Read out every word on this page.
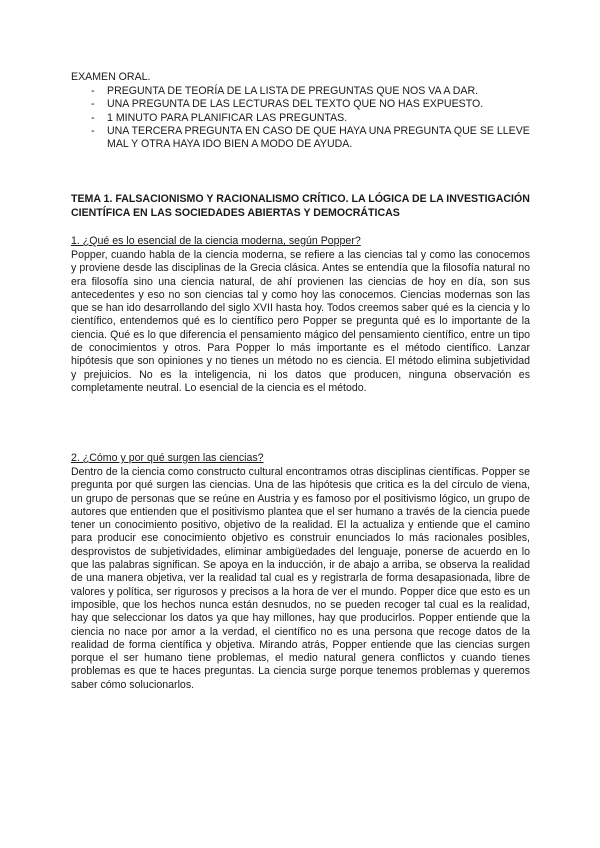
EXAMEN ORAL.

- PREGUNTA DE TEORÍA DE LA LISTA DE PREGUNTAS QUE NOS VA A DAR.
- UNA PREGUNTA DE LAS LECTURAS DEL TEXTO QUE NO HAS EXPUESTO.
- 1 MINUTO PARA PLANIFICAR LAS PREGUNTAS.
- UNA TERCERA PREGUNTA EN CASO DE QUE HAYA UNA PREGUNTA QUE SE LLEVE MAL Y OTRA HAYA IDO BIEN A MODO DE AYUDA.

TEMA 1. FALSACIONISMO Y RACIONALISMO CRÍTICO. LA LÓGICA DE LA INVESTIGACIÓN CIENTÍFICA EN LAS SOCIEDADES ABIERTAS Y DEMOCRÁTICAS

1. ¿Qué es lo esencial de la ciencia moderna, según Popper?

Popper, cuando habla de la ciencia moderna, se refiere a las ciencias tal y como las conocemos y proviene desde las disciplinas de la Grecia clásica. Antes se entendía que la filosofía natural no era filosofía sino una ciencia natural, de ahí provienen las ciencias de hoy en día, son sus antecedentes y eso no son ciencias tal y como hoy las conocemos. Ciencias modernas son las que se han ido desarrollando del siglo XVII hasta hoy. Todos creemos saber qué es la ciencia y lo científico, entendemos qué es lo científico pero Popper se pregunta qué es lo importante de la ciencia. Qué es lo que diferencia el pensamiento mágico del pensamiento científico, entre un tipo de conocimientos y otros. Para Popper lo más importante es el método científico. Lanzar hipótesis que son opiniones y no tienes un método no es ciencia. El método elimina subjetividad y prejuicios. No es la inteligencia, ni los datos que producen, ninguna observación es completamente neutral. Lo esencial de la ciencia es el método.

2. ¿Cómo y por qué surgen las ciencias?

Dentro de la ciencia como constructo cultural encontramos otras disciplinas científicas. Popper se pregunta por qué surgen las ciencias. Una de las hipótesis que critica es la del círculo de viena, un grupo de personas que se reúne en Austria y es famoso por el positivismo lógico, un grupo de autores que entienden que el positivismo plantea que el ser humano a través de la ciencia puede tener un conocimiento positivo, objetivo de la realidad. El la actualiza y entiende que el camino para producir ese conocimiento objetivo es construir enunciados lo más racionales posibles, desprovistos de subjetividades, eliminar ambigüedades del lenguaje, ponerse de acuerdo en lo que las palabras significan. Se apoya en la inducción, ir de abajo a arriba, se observa la realidad de una manera objetiva, ver la realidad tal cual es y registrarla de forma desapasionada, libre de valores y política, ser rigurosos y precisos a la hora de ver el mundo. Popper dice que esto es un imposible, que los hechos nunca están desnudos, no se pueden recoger tal cual es la realidad, hay que seleccionar los datos ya que hay millones, hay que producirlos. Popper entiende que la ciencia no nace por amor a la verdad, el científico no es una persona que recoge datos de la realidad de forma científica y objetiva. Mirando atrás, Popper entiende que las ciencias surgen porque el ser humano tiene problemas, el medio natural genera conflictos y cuando tienes problemas es que te haces preguntas. La ciencia surge porque tenemos problemas y queremos saber cómo solucionarlos.
